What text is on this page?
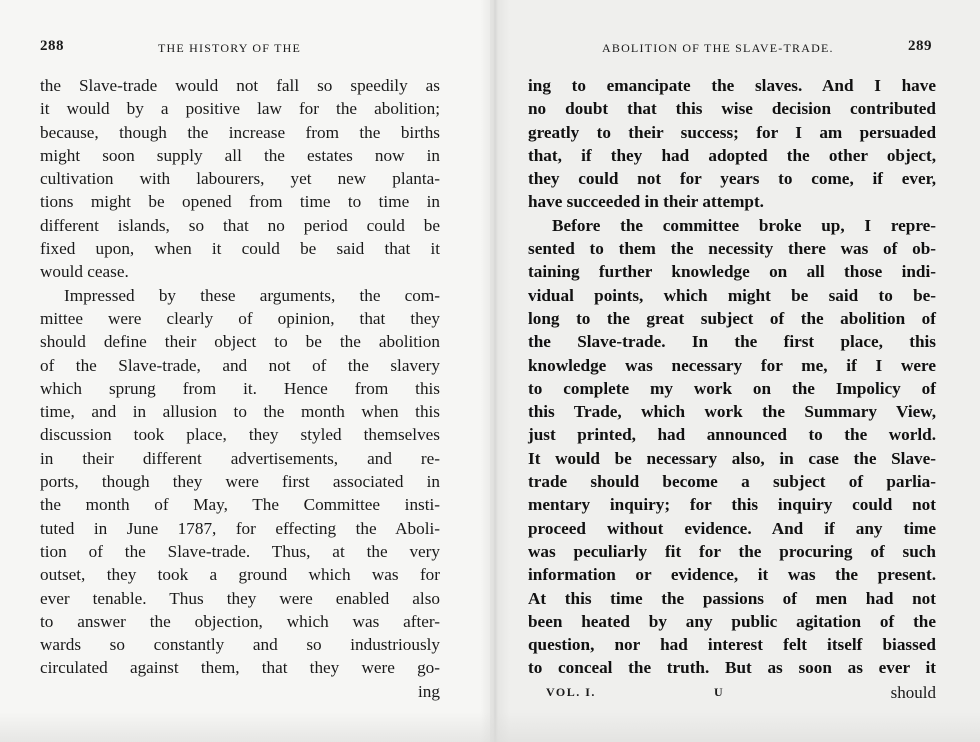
288	THE HISTORY OF THE
the Slave-trade would not fall so speedily as
it would by a positive law for the abolition;
because, though the increase from the births
might soon supply all the estates now in
cultivation with labourers, yet new planta-
tions might be opened from time to time in
different islands, so that no period could be
fixed upon, when it could be said that it
would cease.
Impressed by these arguments, the com-
mittee were clearly of opinion, that they
should define their object to be the abolition
of the Slave-trade, and not of the slavery
which sprung from it. Hence from this
time, and in allusion to the month when this
discussion took place, they styled themselves
in their different advertisements, and re-
ports, though they were first associated in
the month of May, The Committee insti-
tuted in June 1787, for effecting the Aboli-
tion of the Slave-trade. Thus, at the very
outset, they took a ground which was for
ever tenable. Thus they were enabled also
to answer the objection, which was after-
wards so constantly and so industriously
circulated against them, that they were go-
ing
ABOLITION OF THE SLAVE-TRADE.	289
ing to emancipate the slaves. And I have
no doubt that this wise decision contributed
greatly to their success; for I am persuaded
that, if they had adopted the other object,
they could not for years to come, if ever,
have succeeded in their attempt.
Before the committee broke up, I repre-
sented to them the necessity there was of ob-
taining further knowledge on all those indi-
vidual points, which might be said to be-
long to the great subject of the abolition of
the Slave-trade. In the first place, this
knowledge was necessary for me, if I were
to complete my work on the Impolicy of
this Trade, which work the Summary View,
just printed, had announced to the world.
It would be necessary also, in case the Slave-
trade should become a subject of parlia-
mentary inquiry; for this inquiry could not
proceed without evidence. And if any time
was peculiarly fit for the procuring of such
information or evidence, it was the present.
At this time the passions of men had not
been heated by any public agitation of the
question, nor had interest felt itself biassed
to conceal the truth. But as soon as ever it
VOL. I.	U	should
